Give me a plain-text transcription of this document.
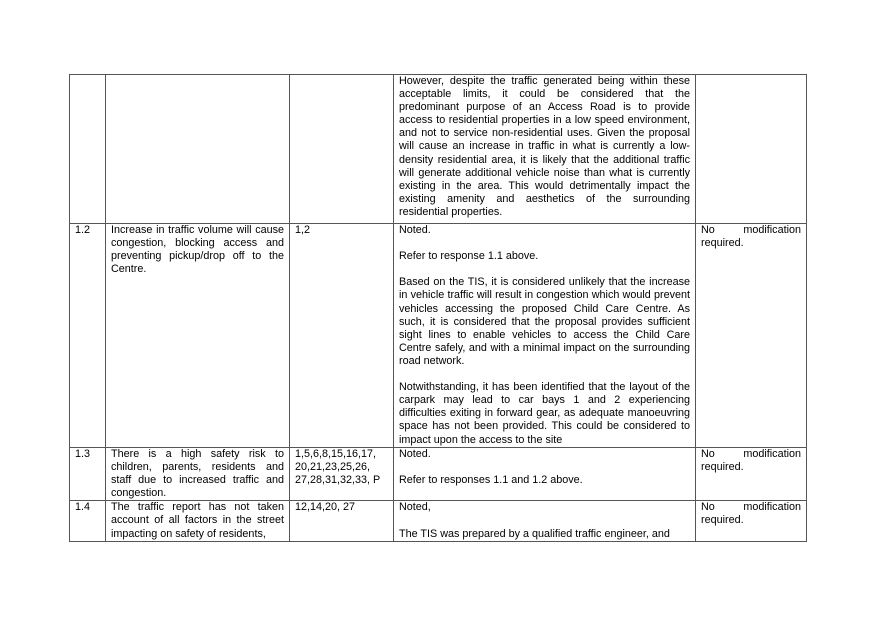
			However, despite the traffic generated being within these acceptable limits, it could be considered that the predominant purpose of an Access Road is to provide access to residential properties in a low speed environment, and not to service non-residential uses. Given the proposal will cause an increase in traffic in what is currently a low-density residential area, it is likely that the additional traffic will generate additional vehicle noise than what is currently existing in the area. This would detrimentally impact the existing amenity and aesthetics of the surrounding residential properties.	

1.2	Increase in traffic volume will cause congestion, blocking access and preventing pickup/drop off to the Centre.	1,2	Noted.

Refer to response 1.1 above.

Based on the TIS, it is considered unlikely that the increase in vehicle traffic will result in congestion which would prevent vehicles accessing the proposed Child Care Centre. As such, it is considered that the proposal provides sufficient sight lines to enable vehicles to access the Child Care Centre safely, and with a minimal impact on the surrounding road network.

Notwithstanding, it has been identified that the layout of the carpark may lead to car bays 1 and 2 experiencing difficulties exiting in forward gear, as adequate manoeuvring space has not been provided. This could be considered to impact upon the access to the site	No modification required.

1.3	There is a high safety risk to children, parents, residents and staff due to increased traffic and congestion.	1,5,6,8,15,16,17, 20,21,23,25,26, 27,28,31,32,33, P	Noted.

Refer to responses 1.1 and 1.2 above.	No modification required.

1.4	The traffic report has not taken account of all factors in the street impacting on safety of residents,	12,14,20, 27	Noted,

The TIS was prepared by a qualified traffic engineer, and	No modification required.
